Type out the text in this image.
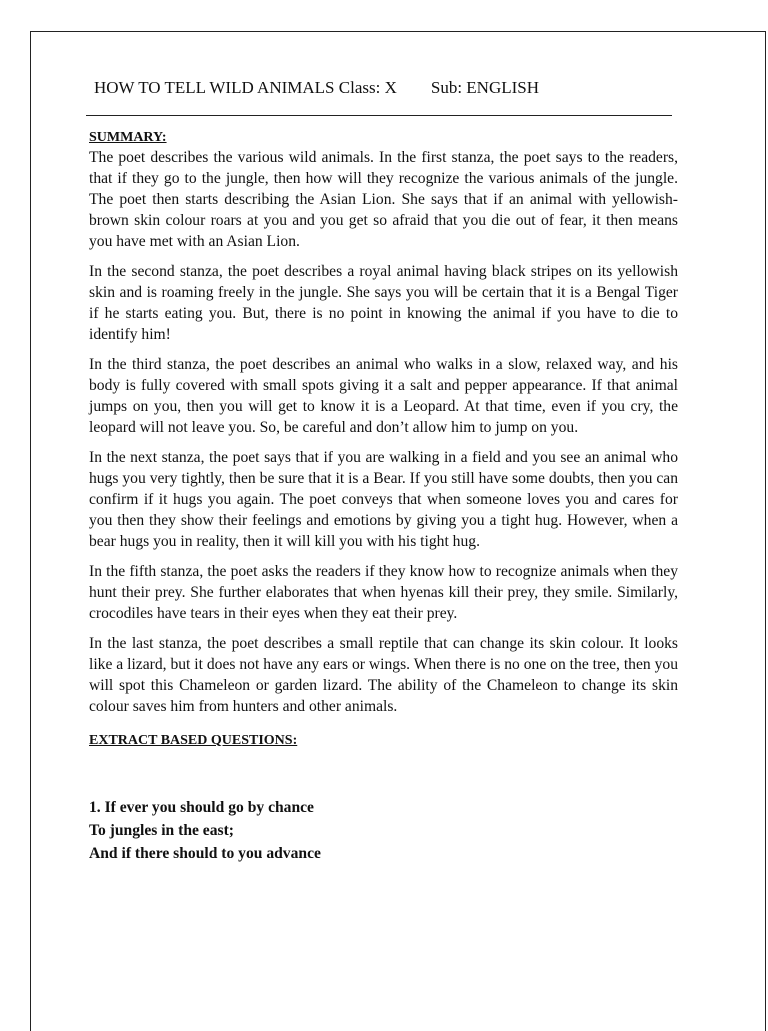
HOW TO TELL WILD ANIMALS Class: X Sub: ENGLISH

SUMMARY:

The poet describes the various wild animals. In the first stanza, the poet says to the readers, that if they go to the jungle, then how will they recognize the various animals of the jungle. The poet then starts describing the Asian Lion. She says that if an animal with yellowish-brown skin colour roars at you and you get so afraid that you die out of fear, it then means you have met with an Asian Lion.

In the second stanza, the poet describes a royal animal having black stripes on its yellowish skin and is roaming freely in the jungle. She says you will be certain that it is a Bengal Tiger if he starts eating you. But, there is no point in knowing the animal if you have to die to identify him!

In the third stanza, the poet describes an animal who walks in a slow, relaxed way, and his body is fully covered with small spots giving it a salt and pepper appearance. If that animal jumps on you, then you will get to know it is a Leopard. At that time, even if you cry, the leopard will not leave you. So, be careful and don’t allow him to jump on you.

In the next stanza, the poet says that if you are walking in a field and you see an animal who hugs you very tightly, then be sure that it is a Bear. If you still have some doubts, then you can confirm if it hugs you again. The poet conveys that when someone loves you and cares for you then they show their feelings and emotions by giving you a tight hug. However, when a bear hugs you in reality, then it will kill you with his tight hug.

In the fifth stanza, the poet asks the readers if they know how to recognize animals when they hunt their prey. She further elaborates that when hyenas kill their prey, they smile. Similarly, crocodiles have tears in their eyes when they eat their prey.

In the last stanza, the poet describes a small reptile that can change its skin colour. It looks like a lizard, but it does not have any ears or wings. When there is no one on the tree, then you will spot this Chameleon or garden lizard. The ability of the Chameleon to change its skin colour saves him from hunters and other animals.

EXTRACT BASED QUESTIONS:

1. If ever you should go by chance
To jungles in the east;
And if there should to you advance
